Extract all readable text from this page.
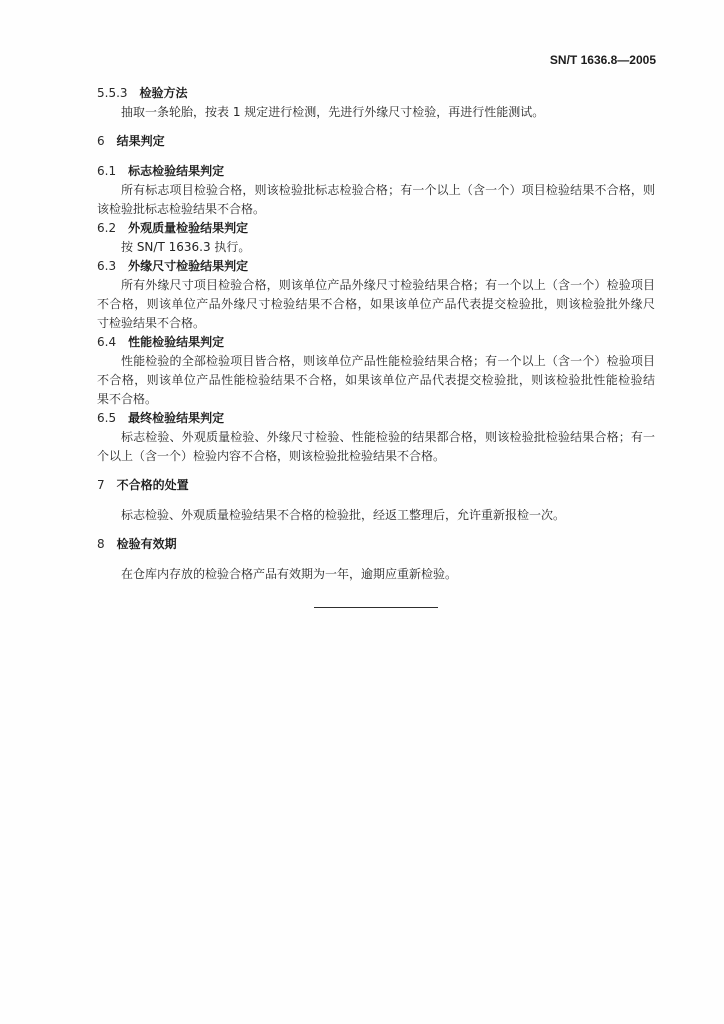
SN/T 1636.8—2005
5.5.3 检验方法
抽取一条轮胎，按表 1 规定进行检测，先进行外缘尺寸检验，再进行性能测试。
6 结果判定
6.1 标志检验结果判定
所有标志项目检验合格，则该检验批标志检验合格；有一个以上（含一个）项目检验结果不合格，则
该检验批标志检验结果不合格。
6.2 外观质量检验结果判定
按 SN/T 1636.3 执行。
6.3 外缘尺寸检验结果判定
所有外缘尺寸项目检验合格，则该单位产品外缘尺寸检验结果合格；有一个以上（含一个）检验项目
不合格，则该单位产品外缘尺寸检验结果不合格，如果该单位产品代表提交检验批，则该检验批外缘尺
寸检验结果不合格。
6.4 性能检验结果判定
性能检验的全部检验项目皆合格，则该单位产品性能检验结果合格；有一个以上（含一个）检验项目
不合格，则该单位产品性能检验结果不合格，如果该单位产品代表提交检验批，则该检验批性能检验结
果不合格。
6.5 最终检验结果判定
标志检验、外观质量检验、外缘尺寸检验、性能检验的结果都合格，则该检验批检验结果合格；有一
个以上（含一个）检验内容不合格，则该检验批检验结果不合格。
7 不合格的处置
标志检验、外观质量检验结果不合格的检验批，经返工整理后，允许重新报检一次。
8 检验有效期
在仓库内存放的检验合格产品有效期为一年，逾期应重新检验。
